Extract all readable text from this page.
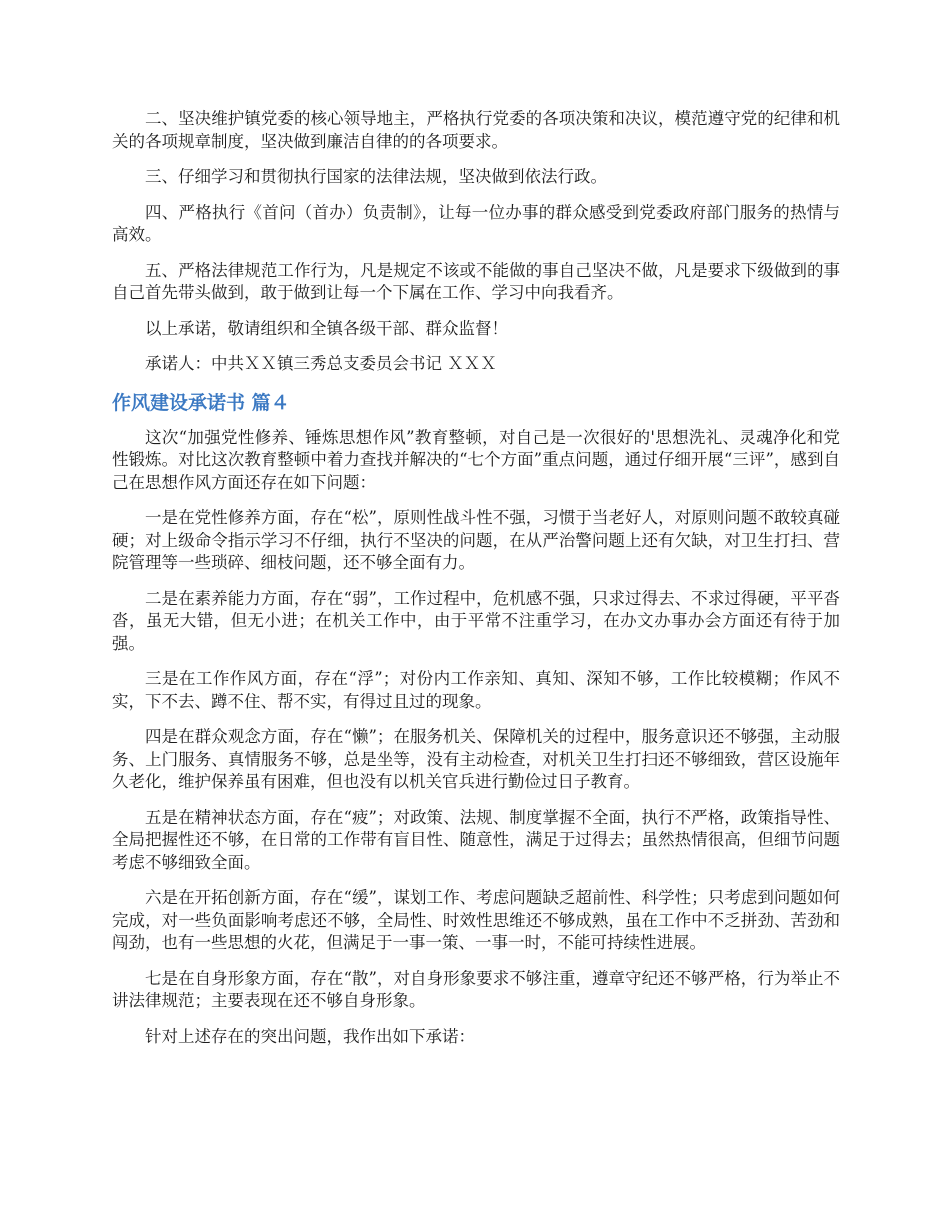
二、坚决维护镇党委的核心领导地主，严格执行党委的各项决策和决议，模范遵守党的纪律和机关的各项规章制度，坚决做到廉洁自律的的各项要求。

三、仔细学习和贯彻执行国家的法律法规，坚决做到依法行政。

四、严格执行《首问（首办）负责制》，让每一位办事的群众感受到党委政府部门服务的热情与高效。

五、严格法律规范工作行为，凡是规定不该或不能做的事自己坚决不做，凡是要求下级做到的事自己首先带头做到，敢于做到让每一个下属在工作、学习中向我看齐。

以上承诺，敬请组织和全镇各级干部、群众监督！

承诺人：中共ＸＸ镇三秀总支委员会书记 ＸＸＸ

作风建设承诺书 篇４

这次“加强党性修养、锤炼思想作风”教育整顿，对自己是一次很好的'思想洗礼、灵魂净化和党性锻炼。对比这次教育整顿中着力查找并解决的“七个方面”重点问题，通过仔细开展“三评”，感到自己在思想作风方面还存在如下问题：

一是在党性修养方面，存在“松”，原则性战斗性不强，习惯于当老好人，对原则问题不敢较真碰硬；对上级命令指示学习不仔细，执行不坚决的问题，在从严治警问题上还有欠缺，对卫生打扫、营院管理等一些琐碎、细枝问题，还不够全面有力。

二是在素养能力方面，存在“弱”，工作过程中，危机感不强，只求过得去、不求过得硬，平平沓沓，虽无大错，但无小进；在机关工作中，由于平常不注重学习，在办文办事办会方面还有待于加强。

三是在工作作风方面，存在“浮”；对份内工作亲知、真知、深知不够，工作比较模糊；作风不实，下不去、蹲不住、帮不实，有得过且过的现象。

四是在群众观念方面，存在“懒”；在服务机关、保障机关的过程中，服务意识还不够强，主动服务、上门服务、真情服务不够，总是坐等，没有主动检查，对机关卫生打扫还不够细致，营区设施年久老化，维护保养虽有困难，但也没有以机关官兵进行勤俭过日子教育。

五是在精神状态方面，存在“疲”；对政策、法规、制度掌握不全面，执行不严格，政策指导性、全局把握性还不够，在日常的工作带有盲目性、随意性，满足于过得去；虽然热情很高，但细节问题考虑不够细致全面。

六是在开拓创新方面，存在“缓”，谋划工作、考虑问题缺乏超前性、科学性；只考虑到问题如何完成，对一些负面影响考虑还不够，全局性、时效性思维还不够成熟，虽在工作中不乏拼劲、苦劲和闯劲，也有一些思想的火花，但满足于一事一策、一事一时，不能可持续性进展。

七是在自身形象方面，存在“散”，对自身形象要求不够注重，遵章守纪还不够严格，行为举止不讲法律规范；主要表现在还不够自身形象。

针对上述存在的突出问题，我作出如下承诺：
